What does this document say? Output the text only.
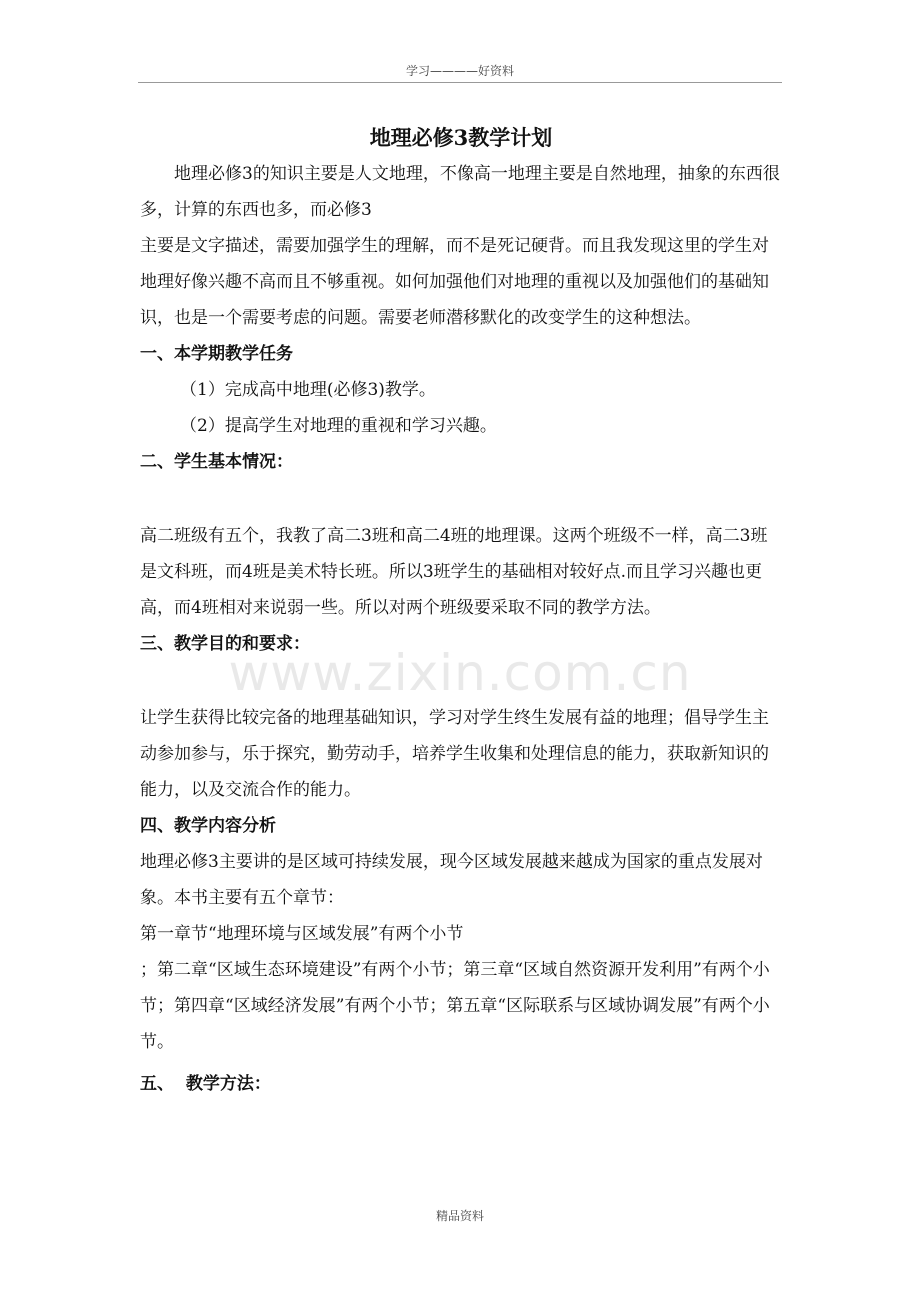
学习————好资料
www.zixin.com.cn

地理必修3教学计划

地理必修3的知识主要是人文地理，不像高一地理主要是自然地理，抽象的东西很多，计算的东西也多，而必修3

主要是文字描述，需要加强学生的理解，而不是死记硬背。而且我发现这里的学生对地理好像兴趣不高而且不够重视。如何加强他们对地理的重视以及加强他们的基础知识，也是一个需要考虑的问题。需要老师潜移默化的改变学生的这种想法。

一、本学期教学任务

（1）完成高中地理(必修3)教学。

（2）提高学生对地理的重视和学习兴趣。

二、学生基本情况：

高二班级有五个，我教了高二3班和高二4班的地理课。这两个班级不一样，高二3班是文科班，而4班是美术特长班。所以3班学生的基础相对较好点.而且学习兴趣也更高，而4班相对来说弱一些。所以对两个班级要采取不同的教学方法。

三、教学目的和要求：

让学生获得比较完备的地理基础知识，学习对学生终生发展有益的地理；倡导学生主动参加参与，乐于探究，勤劳动手，培养学生收集和处理信息的能力，获取新知识的能力，以及交流合作的能力。

四、教学内容分析

地理必修3主要讲的是区域可持续发展，现今区域发展越来越成为国家的重点发展对象。本书主要有五个章节：

第一章节“地理环境与区域发展”有两个小节

；第二章“区域生态环境建设”有两个小节；第三章“区域自然资源开发利用”有两个小节；第四章“区域经济发展”有两个小节；第五章“区际联系与区域协调发展”有两个小节。

五、  教学方法：

精品资料
